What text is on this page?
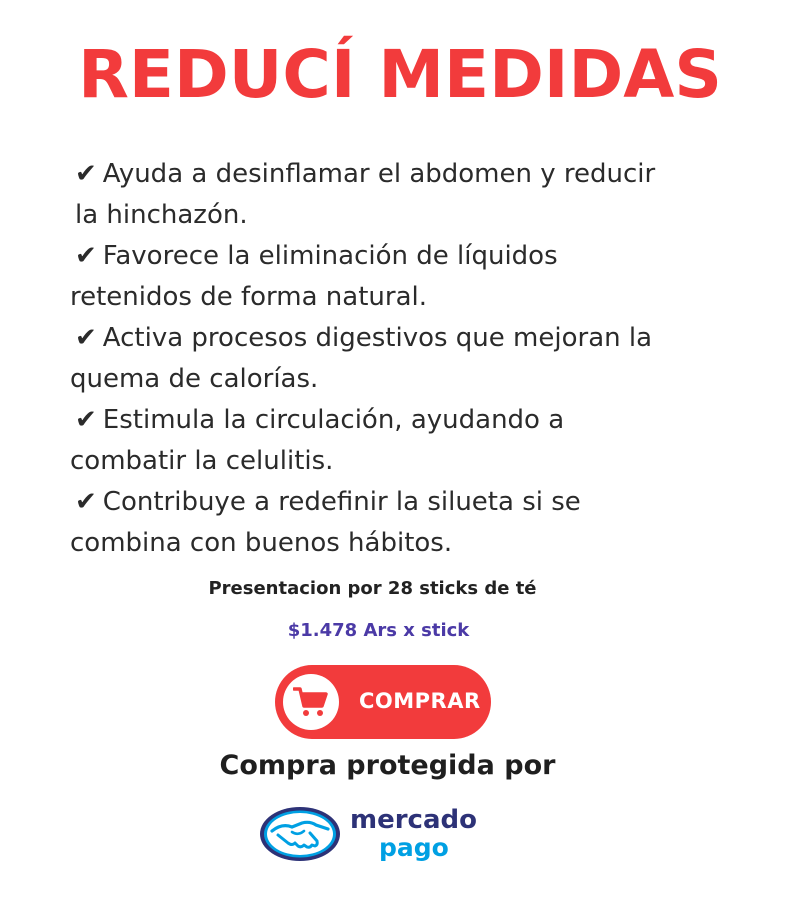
REDUCÍ MEDIDAS
✔ Ayuda a desinflamar el abdomen y reducir
la hinchazón.
✔ Favorece la eliminación de líquidos
retenidos de forma natural.
✔ Activa procesos digestivos que mejoran la
quema de calorías.
✔ Estimula la circulación, ayudando a
combatir la celulitis.
✔ Contribuye a redefinir la silueta si se
combina con buenos hábitos.
Presentacion por 28 sticks de té
$1.478 Ars x stick
COMPRAR
Compra protegida por
mercado
pago
